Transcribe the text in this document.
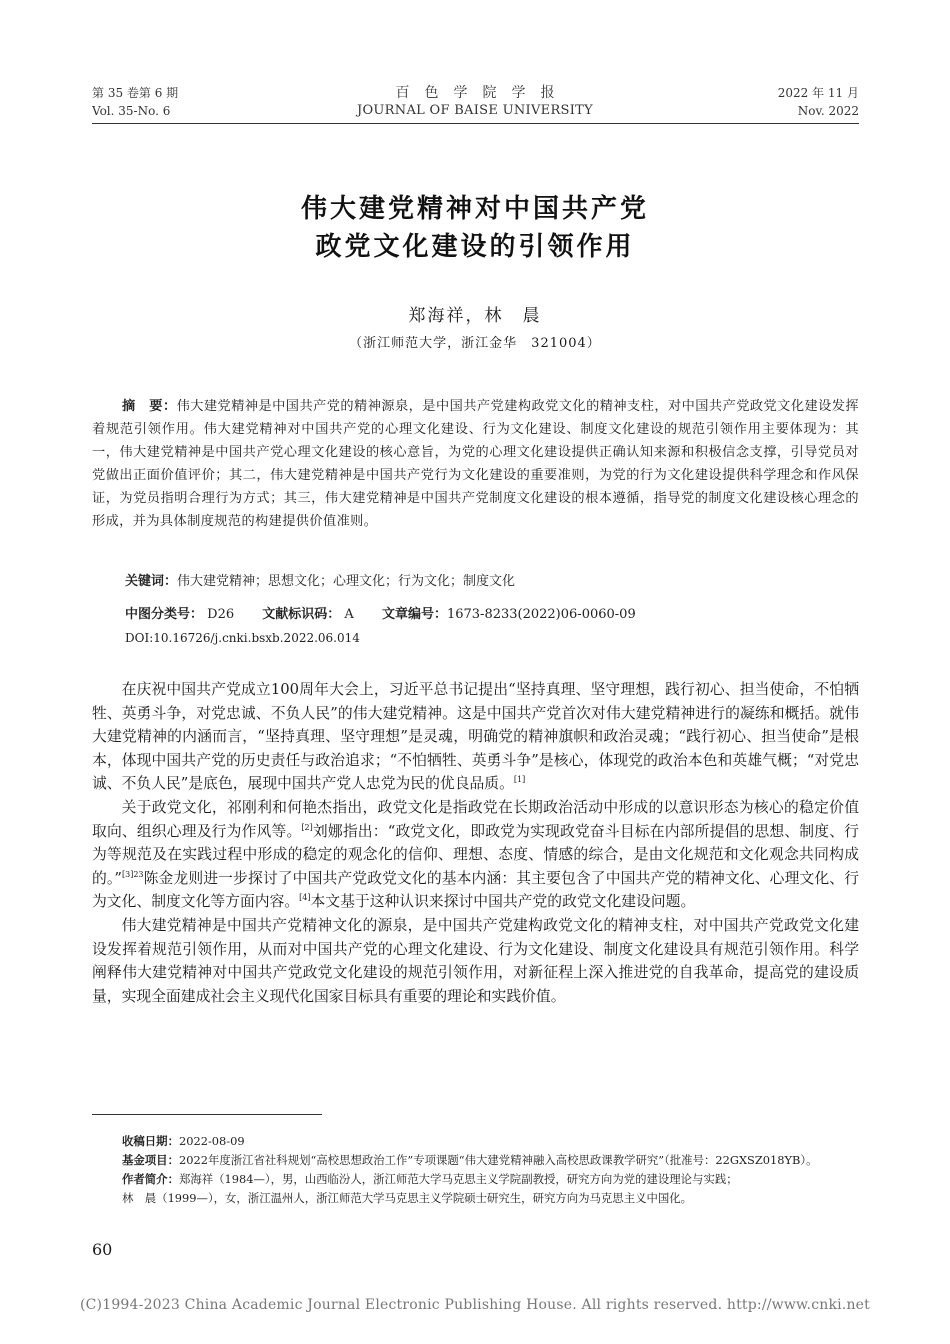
第 35 卷第 6 期
Vol. 35-No. 6
百色学院学报
JOURNAL OF BAISE UNIVERSITY
2022 年 11 月
Nov. 2022
伟大建党精神对中国共产党
政党文化建设的引领作用
郑海祥，林　晨
（浙江师范大学，浙江金华　321004）
摘　要：伟大建党精神是中国共产党的精神源泉，是中国共产党建构政党文化的精神支柱，对中国共产党政党文化建设发挥着规范引领作用。伟大建党精神对中国共产党的心理文化建设、行为文化建设、制度文化建设的规范引领作用主要体现为：其一，伟大建党精神是中国共产党心理文化建设的核心意旨，为党的心理文化建设提供正确认知来源和积极信念支撑，引导党员对党做出正面价值评价；其二，伟大建党精神是中国共产党行为文化建设的重要准则，为党的行为文化建设提供科学理念和作风保证，为党员指明合理行为方式；其三，伟大建党精神是中国共产党制度文化建设的根本遵循，指导党的制度文化建设核心理念的形成，并为具体制度规范的构建提供价值准则。
关键词：伟大建党精神；思想文化；心理文化；行为文化；制度文化
中图分类号： D26 文献标识码： A 文章编号：1673-8233(2022)06-0060-09
DOI:10.16726/j.cnki.bsxb.2022.06.014

在庆祝中国共产党成立100周年大会上，习近平总书记提出“坚持真理、坚守理想，践行初心、担当使命，不怕牺牲、英勇斗争，对党忠诚、不负人民”的伟大建党精神。这是中国共产党首次对伟大建党精神进行的凝练和概括。就伟大建党精神的内涵而言，“坚持真理、坚守理想”是灵魂，明确党的精神旗帜和政治灵魂；“践行初心、担当使命”是根本，体现中国共产党的历史责任与政治追求；“不怕牺牲、英勇斗争”是核心，体现党的政治本色和英雄气概；“对党忠诚、不负人民”是底色，展现中国共产党人忠党为民的优良品质。[1]

关于政党文化，祁刚利和何艳杰指出，政党文化是指政党在长期政治活动中形成的以意识形态为核心的稳定价值取向、组织心理及行为作风等。[2]刘娜指出：“政党文化，即政党为实现政党奋斗目标在内部所提倡的思想、制度、行为等规范及在实践过程中形成的稳定的观念化的信仰、理想、态度、情感的综合，是由文化规范和文化观念共同构成的。”$^{[3]23}$陈金龙则进一步探讨了中国共产党政党文化的基本内涵：其主要包含了中国共产党的精神文化、心理文化、行为文化、制度文化等方面内容。[4]本文基于这种认识来探讨中国共产党的政党文化建设问题。

伟大建党精神是中国共产党精神文化的源泉，是中国共产党建构政党文化的精神支柱，对中国共产党政党文化建设发挥着规范引领作用，从而对中国共产党的心理文化建设、行为文化建设、制度文化建设具有规范引领作用。科学阐释伟大建党精神对中国共产党政党文化建设的规范引领作用，对新征程上深入推进党的自我革命，提高党的建设质量，实现全面建成社会主义现代化国家目标具有重要的理论和实践价值。

收稿日期：2022-08-09
基金项目：2022年度浙江省社科规划“高校思想政治工作”专项课题“伟大建党精神融入高校思政课教学研究”（批准号：22GXSZ018YB）。
作者简介：郑海祥（1984—），男，山西临汾人，浙江师范大学马克思主义学院副教授，研究方向为党的建设理论与实践；
林　晨（1999—），女，浙江温州人，浙江师范大学马克思主义学院硕士研究生，研究方向为马克思主义中国化。
60
(C)1994-2023 China Academic Journal Electronic Publishing House. All rights reserved. http://www.cnki.net
